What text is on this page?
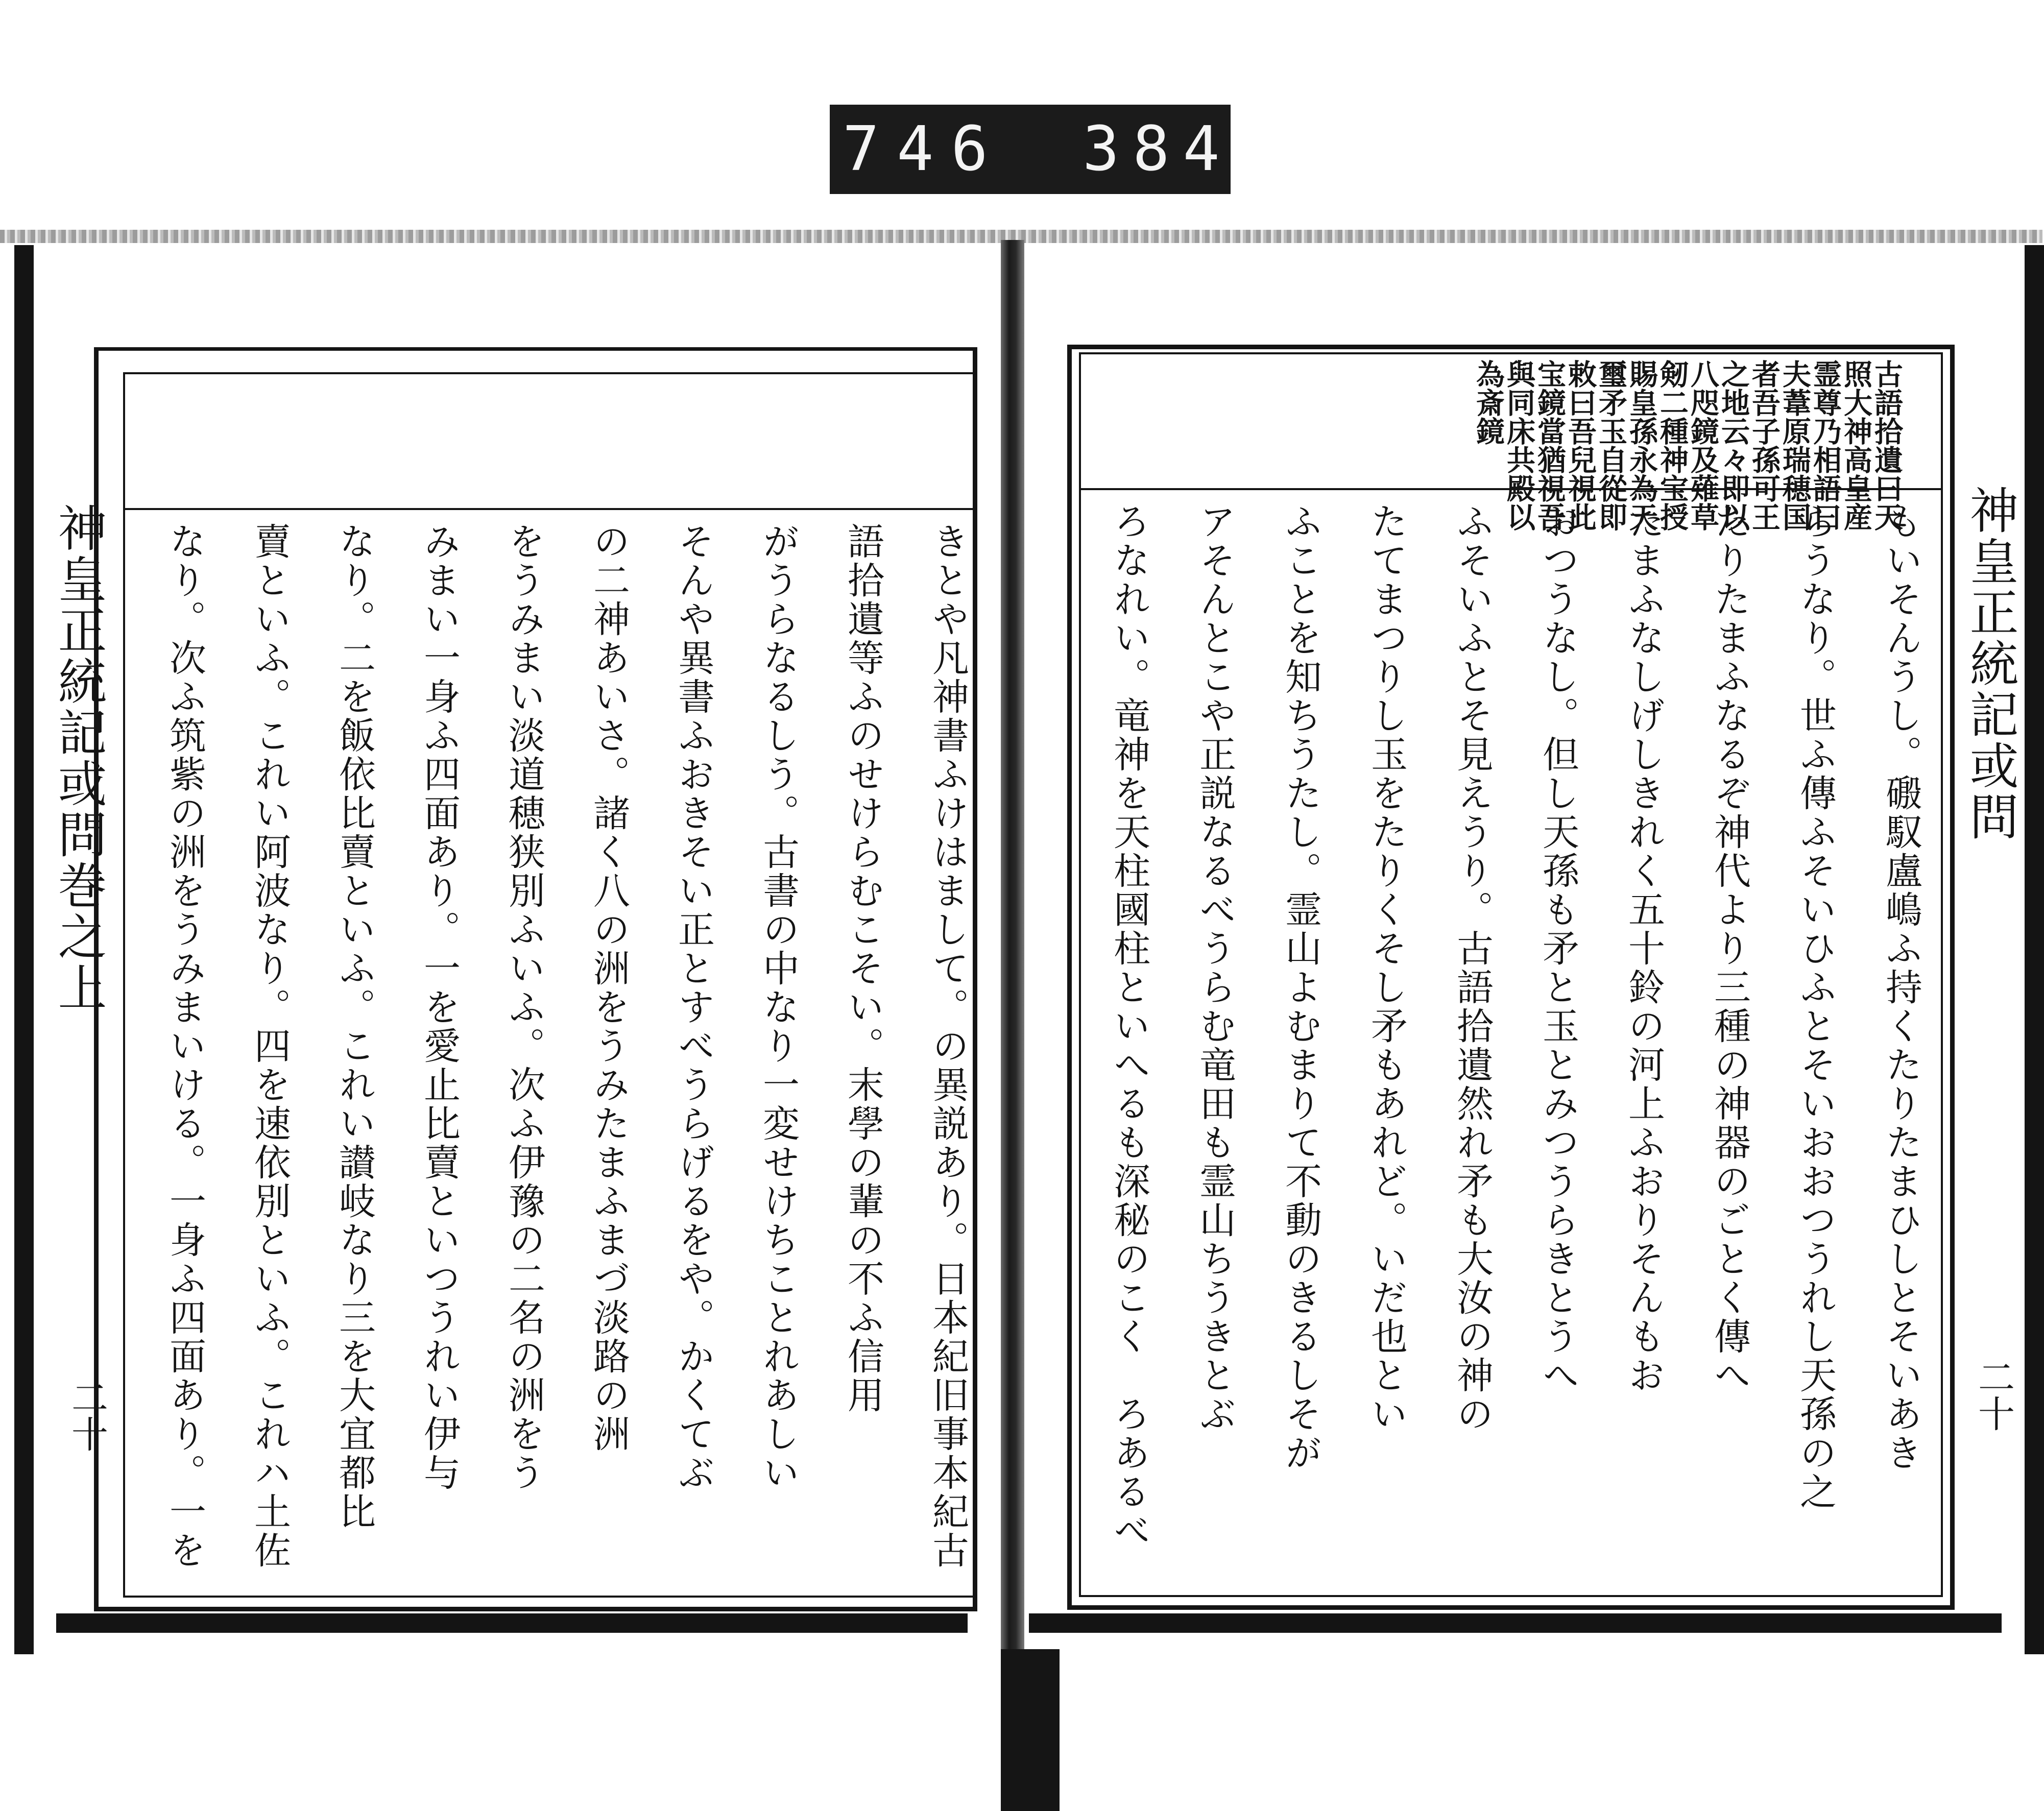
746 384
きとや凡神書ふけはまして。の異説あり。日本紀旧事本紀古
語拾遺等ふのせけらむこそい。末學の輩の不ふ信用
がうらなるしう。古書の中なり一変せけちことれあしい
そんや異書ふおきそい正とすべうらげるをや。かくてぶ
の二神あいさ。諸く八の洲をうみたまふまづ淡路の洲
をうみまい淡道穂狭別ふいふ。次ふ伊豫の二名の洲をう
みまい一身ふ四面あり。一を愛止比賣といつうれい伊与
なり。二を飯依比賣といふ。これい讃岐なり三を大宜都比
賣といふ。これい阿波なり。四を速依別といふ。これハ土佐
なり。次ふ筑紫の洲をうみまいける。一身ふ四面あり。一を
神皇正統記或問巻之上
二十
古語拾遺曰天
照大神高皇産
霊尊乃相語曰
夫葦原瑞穂国
者吾子孫可王
之地云々即以
八咫鏡及薙草
剱二種神宝授
賜皇孫永為天
璽矛玉自從即
敕曰吾兒視此
宝鏡當猶視吾
與同床共殿以
為斎鏡
もいそんうし。磤馭盧嶋ふ持くたりたまひしとそいあき
らうなり。世ふ傳ふそいひふとそいおおつうれし天孫の之
たりたまふなるぞ神代より三種の神器のごとく傳へ
たまふなしげしきれく五十鈴の河上ふおりそんもお
おつうなし。但し天孫も矛と玉とみつうらきとうへ
ふそいふとそ見えうり。古語拾遺然れ矛も大汝の神の
たてまつりし玉をたりくそし矛もあれど。いだ也とい
ふことを知ちうたし。霊山よむまりて不動のきるしそが
アそんとこや正説なるべうらむ竜田も霊山ちうきとぶ
ろなれい。竜神を天柱國柱といへるも深秘のこく　ろあるべ	神皇正統記或問
二十
